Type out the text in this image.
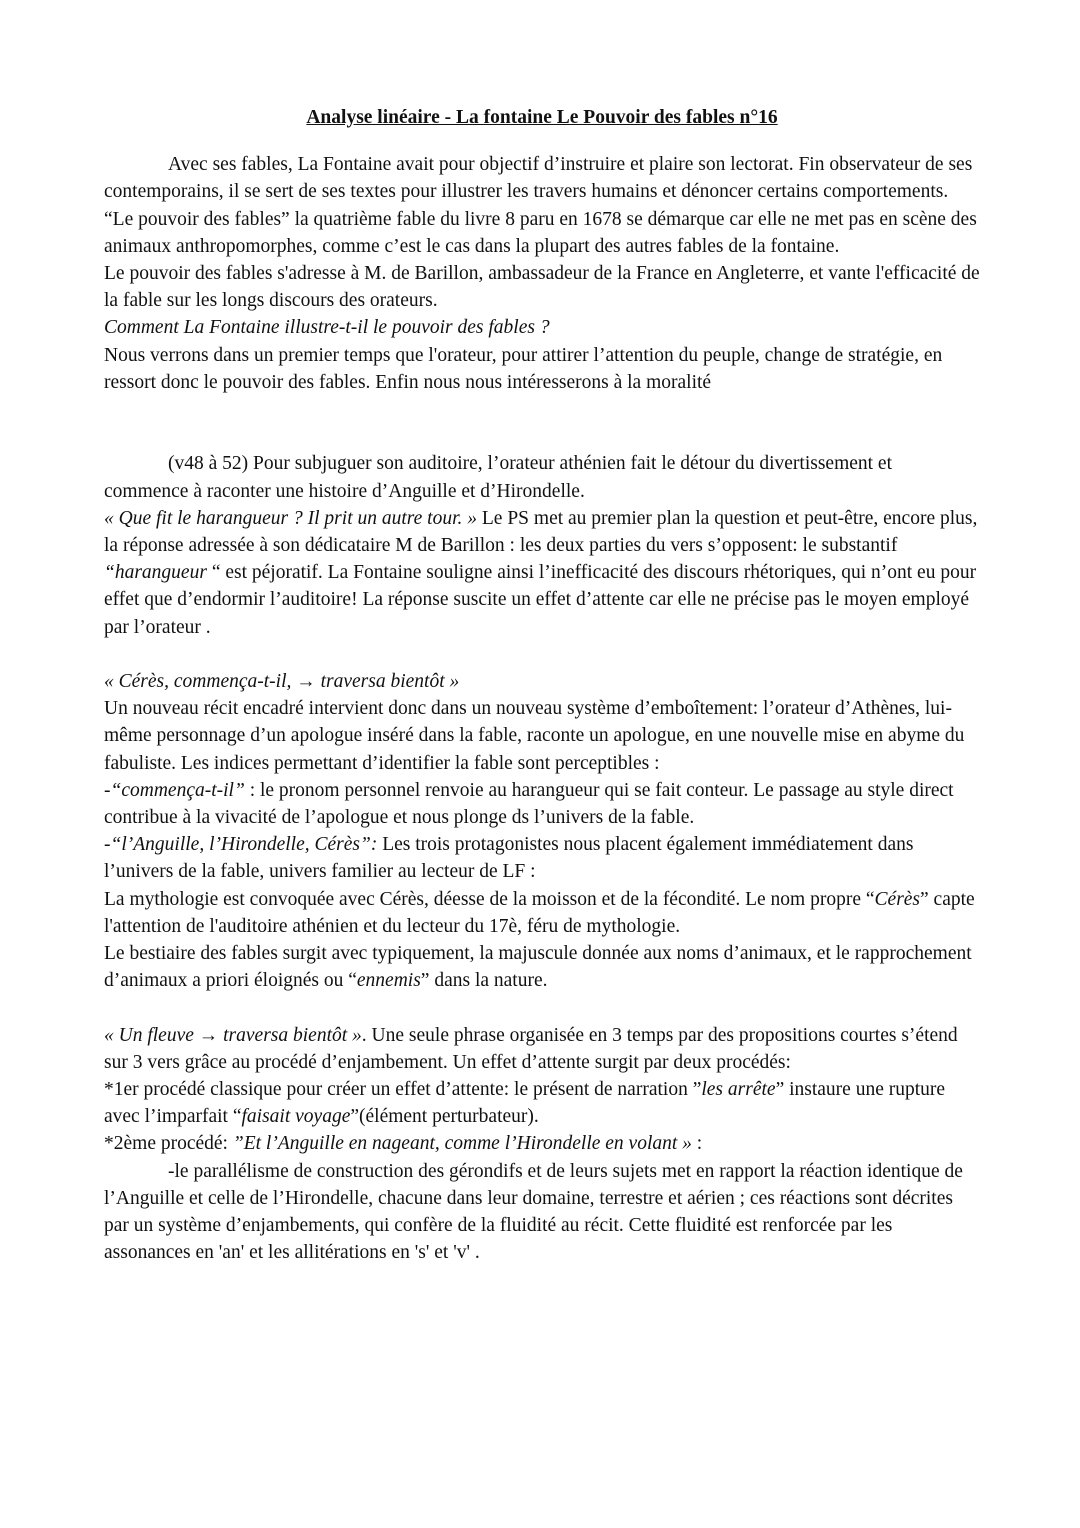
Analyse linéaire - La fontaine Le Pouvoir des fables n°16

Avec ses fables, La Fontaine avait pour objectif d’instruire et plaire son lectorat. Fin observateur de ses contemporains, il se sert de ses textes pour illustrer les travers humains et dénoncer certains comportements.

“Le pouvoir des fables” la quatrième fable du livre 8 paru en 1678 se démarque car elle ne met pas en scène des animaux anthropomorphes, comme c’est le cas dans la plupart des autres fables de la fontaine.

Le pouvoir des fables s'adresse à M. de Barillon, ambassadeur de la France en Angleterre, et vante l'efficacité de la fable sur les longs discours des orateurs.

Comment La Fontaine illustre-t-il le pouvoir des fables ?

Nous verrons dans un premier temps que l'orateur, pour attirer l’attention du peuple, change de stratégie, en ressort donc le pouvoir des fables. Enfin nous nous intéresserons à la moralité

(v48 à 52) Pour subjuguer son auditoire, l’orateur athénien fait le détour du divertissement et commence à raconter une histoire d’Anguille et d’Hirondelle.

« Que fit le harangueur ? Il prit un autre tour. » Le PS met au premier plan la question et peut-être, encore plus, la réponse adressée à son dédicataire M de Barillon : les deux parties du vers s’opposent: le substantif “harangueur “ est péjoratif. La Fontaine souligne ainsi l’inefficacité des discours rhétoriques, qui n’ont eu pour effet que d’endormir l’auditoire! La réponse suscite un effet d’attente car elle ne précise pas le moyen employé par l’orateur .

« Cérès, commença-t-il, → traversa bientôt »

Un nouveau récit encadré intervient donc dans un nouveau système d’emboîtement: l’orateur d’Athènes, lui-même personnage d’un apologue inséré dans la fable, raconte un apologue, en une nouvelle mise en abyme du fabuliste. Les indices permettant d’identifier la fable sont perceptibles :

-“commença-t-il” : le pronom personnel renvoie au harangueur qui se fait conteur. Le passage au style direct contribue à la vivacité de l’apologue et nous plonge ds l’univers de la fable.

-“l’Anguille, l’Hirondelle, Cérès”: Les trois protagonistes nous placent également immédiatement dans l’univers de la fable, univers familier au lecteur de LF :

La mythologie est convoquée avec Cérès, déesse de la moisson et de la fécondité. Le nom propre “Cérès” capte l'attention de l'auditoire athénien et du lecteur du 17è, féru de mythologie.

Le bestiaire des fables surgit avec typiquement, la majuscule donnée aux noms d’animaux, et le rapprochement d’animaux a priori éloignés ou “ennemis” dans la nature.

« Un fleuve → traversa bientôt ». Une seule phrase organisée en 3 temps par des propositions courtes s’étend sur 3 vers grâce au procédé d’enjambement. Un effet d’attente surgit par deux procédés:

*1er procédé classique pour créer un effet d’attente: le présent de narration ”les arrête” instaure une rupture avec l’imparfait “faisait voyage”(élément perturbateur).

*2ème procédé: ”Et l’Anguille en nageant, comme l’Hirondelle en volant » :

-le parallélisme de construction des gérondifs et de leurs sujets met en rapport la réaction identique de l’Anguille et celle de l’Hirondelle, chacune dans leur domaine, terrestre et aérien ; ces réactions sont décrites par un système d’enjambements, qui confère de la fluidité au récit. Cette fluidité est renforcée par les assonances en 'an' et les allitérations en 's' et 'v' .
